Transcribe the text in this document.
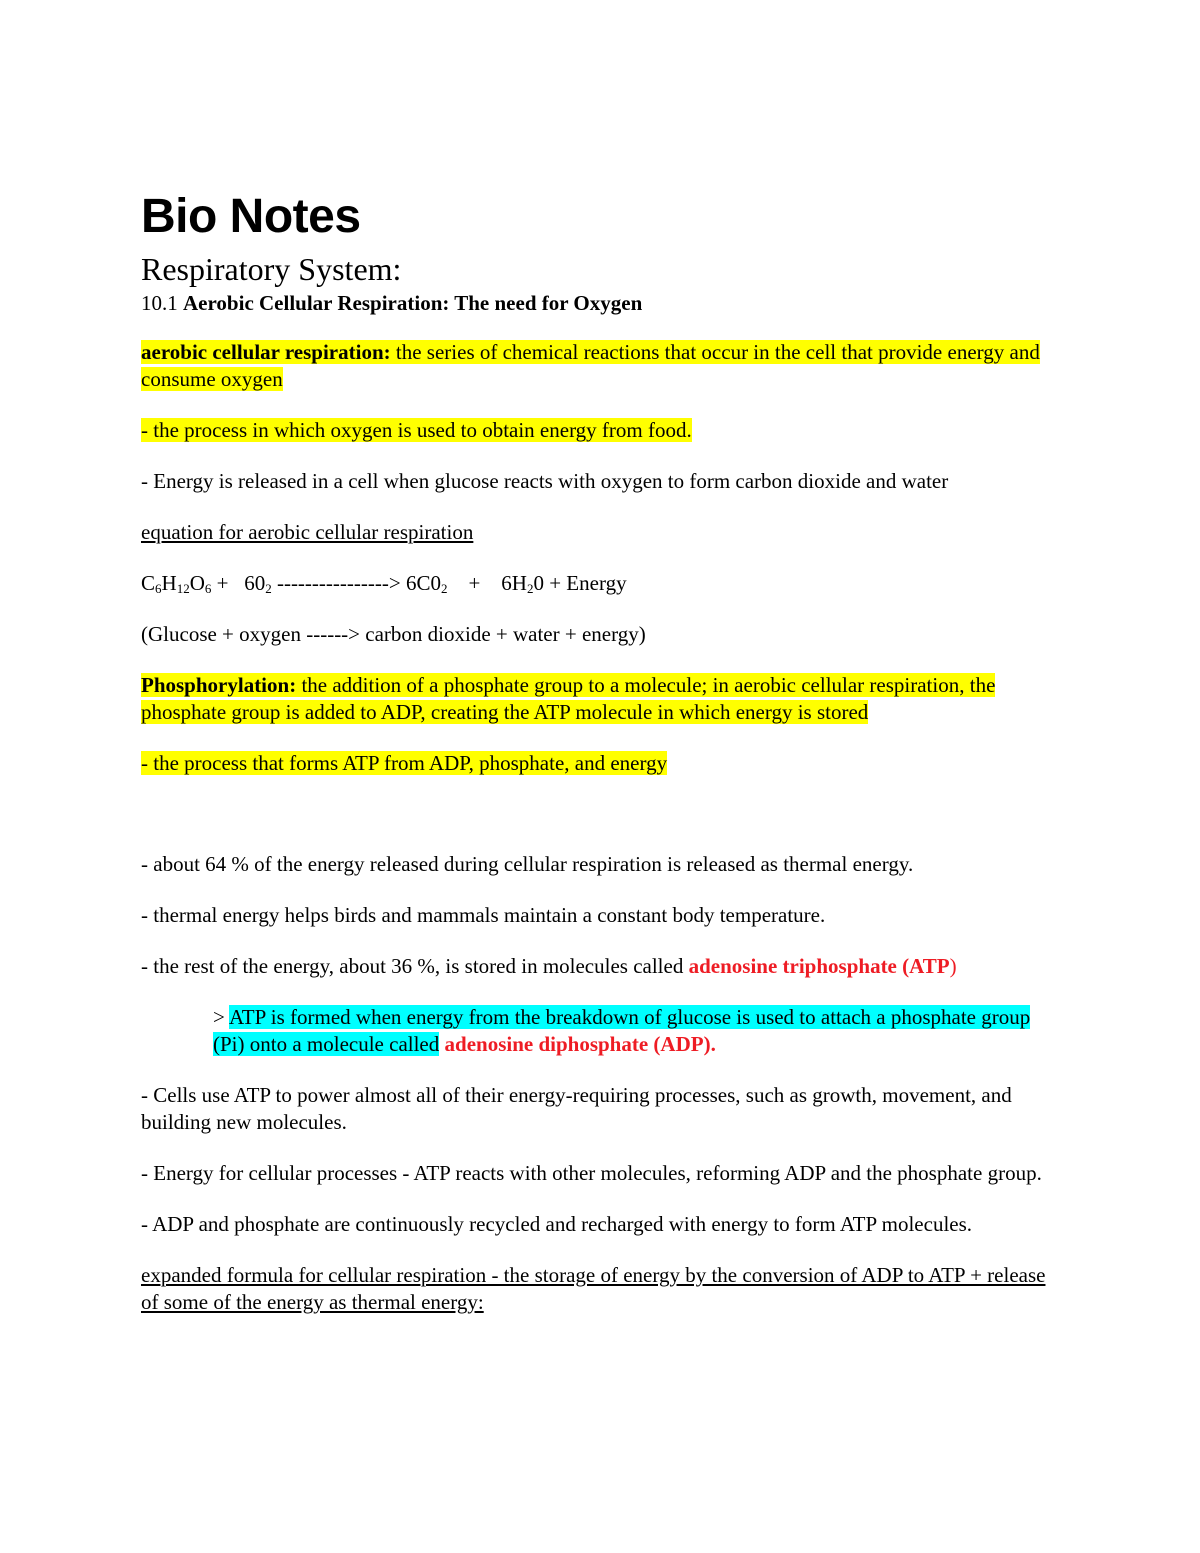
Bio Notes
Respiratory System:
10.1 Aerobic Cellular Respiration: The need for Oxygen

aerobic cellular respiration: the series of chemical reactions that occur in the cell that provide energy and consume oxygen

- the process in which oxygen is used to obtain energy from food.

- Energy is released in a cell when glucose reacts with oxygen to form carbon dioxide and water

equation for aerobic cellular respiration

$C_6H_{12}O_6 + 60_2$ ----------------> $6C0_2$    +    $6H_20$ + Energy

(Glucose + oxygen ------> carbon dioxide + water + energy)

Phosphorylation: the addition of a phosphate group to a molecule; in aerobic cellular respiration, the phosphate group is added to ADP, creating the ATP molecule in which energy is stored

- the process that forms ATP from ADP, phosphate, and energy

- about 64 % of the energy released during cellular respiration is released as thermal energy.

- thermal energy helps birds and mammals maintain a constant body temperature.

- the rest of the energy, about 36 %, is stored in molecules called adenosine triphosphate (ATP)

> ATP is formed when energy from the breakdown of glucose is used to attach a phosphate group (Pi) onto a molecule called adenosine diphosphate (ADP).

- Cells use ATP to power almost all of their energy-requiring processes, such as growth, movement, and building new molecules.

- Energy for cellular processes - ATP reacts with other molecules, reforming ADP and the phosphate group.

- ADP and phosphate are continuously recycled and recharged with energy to form ATP molecules.

expanded formula for cellular respiration - the storage of energy by the conversion of ADP to ATP + release of some of the energy as thermal energy:
